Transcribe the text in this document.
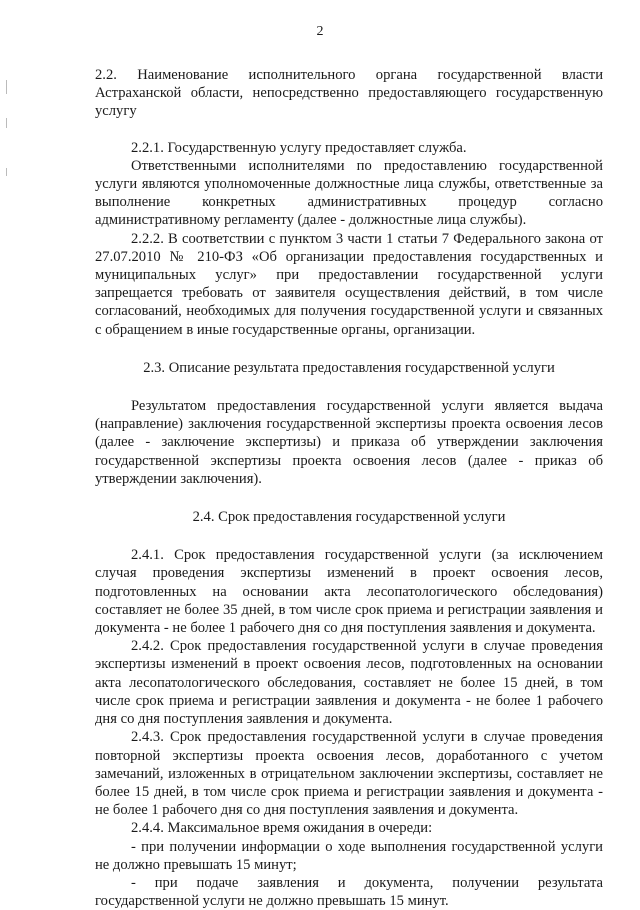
2

2.2. Наименование исполнительного органа государственной власти Астраханской области, непосредственно предоставляющего государственную услугу

2.2.1. Государственную услугу предоставляет служба.

Ответственными исполнителями по предоставлению государственной услуги являются уполномоченные должностные лица службы, ответственные за выполнение конкретных административных процедур согласно административному регламенту (далее - должностные лица службы).

2.2.2. В соответствии с пунктом 3 части 1 статьи 7 Федерального закона от 27.07.2010 № 210-ФЗ «Об организации предоставления государственных и муниципальных услуг» при предоставлении государственной услуги запрещается требовать от заявителя осуществления действий, в том числе согласований, необходимых для получения государственной услуги и связанных с обращением в иные государственные органы, организации.

2.3. Описание результата предоставления государственной услуги

Результатом предоставления государственной услуги является выдача (направление) заключения государственной экспертизы проекта освоения лесов (далее - заключение экспертизы) и приказа об утверждении заключения государственной экспертизы проекта освоения лесов (далее - приказ об утверждении заключения).

2.4. Срок предоставления государственной услуги

2.4.1. Срок предоставления государственной услуги (за исключением случая проведения экспертизы изменений в проект освоения лесов, подготовленных на основании акта лесопатологического обследования) составляет не более 35 дней, в том числе срок приема и регистрации заявления и документа - не более 1 рабочего дня со дня поступления заявления и документа.

2.4.2. Срок предоставления государственной услуги в случае проведения экспертизы изменений в проект освоения лесов, подготовленных на основании акта лесопатологического обследования, составляет не более 15 дней, в том числе срок приема и регистрации заявления и документа - не более 1 рабочего дня со дня поступления заявления и документа.

2.4.3. Срок предоставления государственной услуги в случае проведения повторной экспертизы проекта освоения лесов, доработанного с учетом замечаний, изложенных в отрицательном заключении экспертизы, составляет не более 15 дней, в том числе срок приема и регистрации заявления и документа - не более 1 рабочего дня со дня поступления заявления и документа.

2.4.4. Максимальное время ожидания в очереди:

- при получении информации о ходе выполнения государственной услуги не должно превышать 15 минут;

- при подаче заявления и документа, получении результата государственной услуги не должно превышать 15 минут.
